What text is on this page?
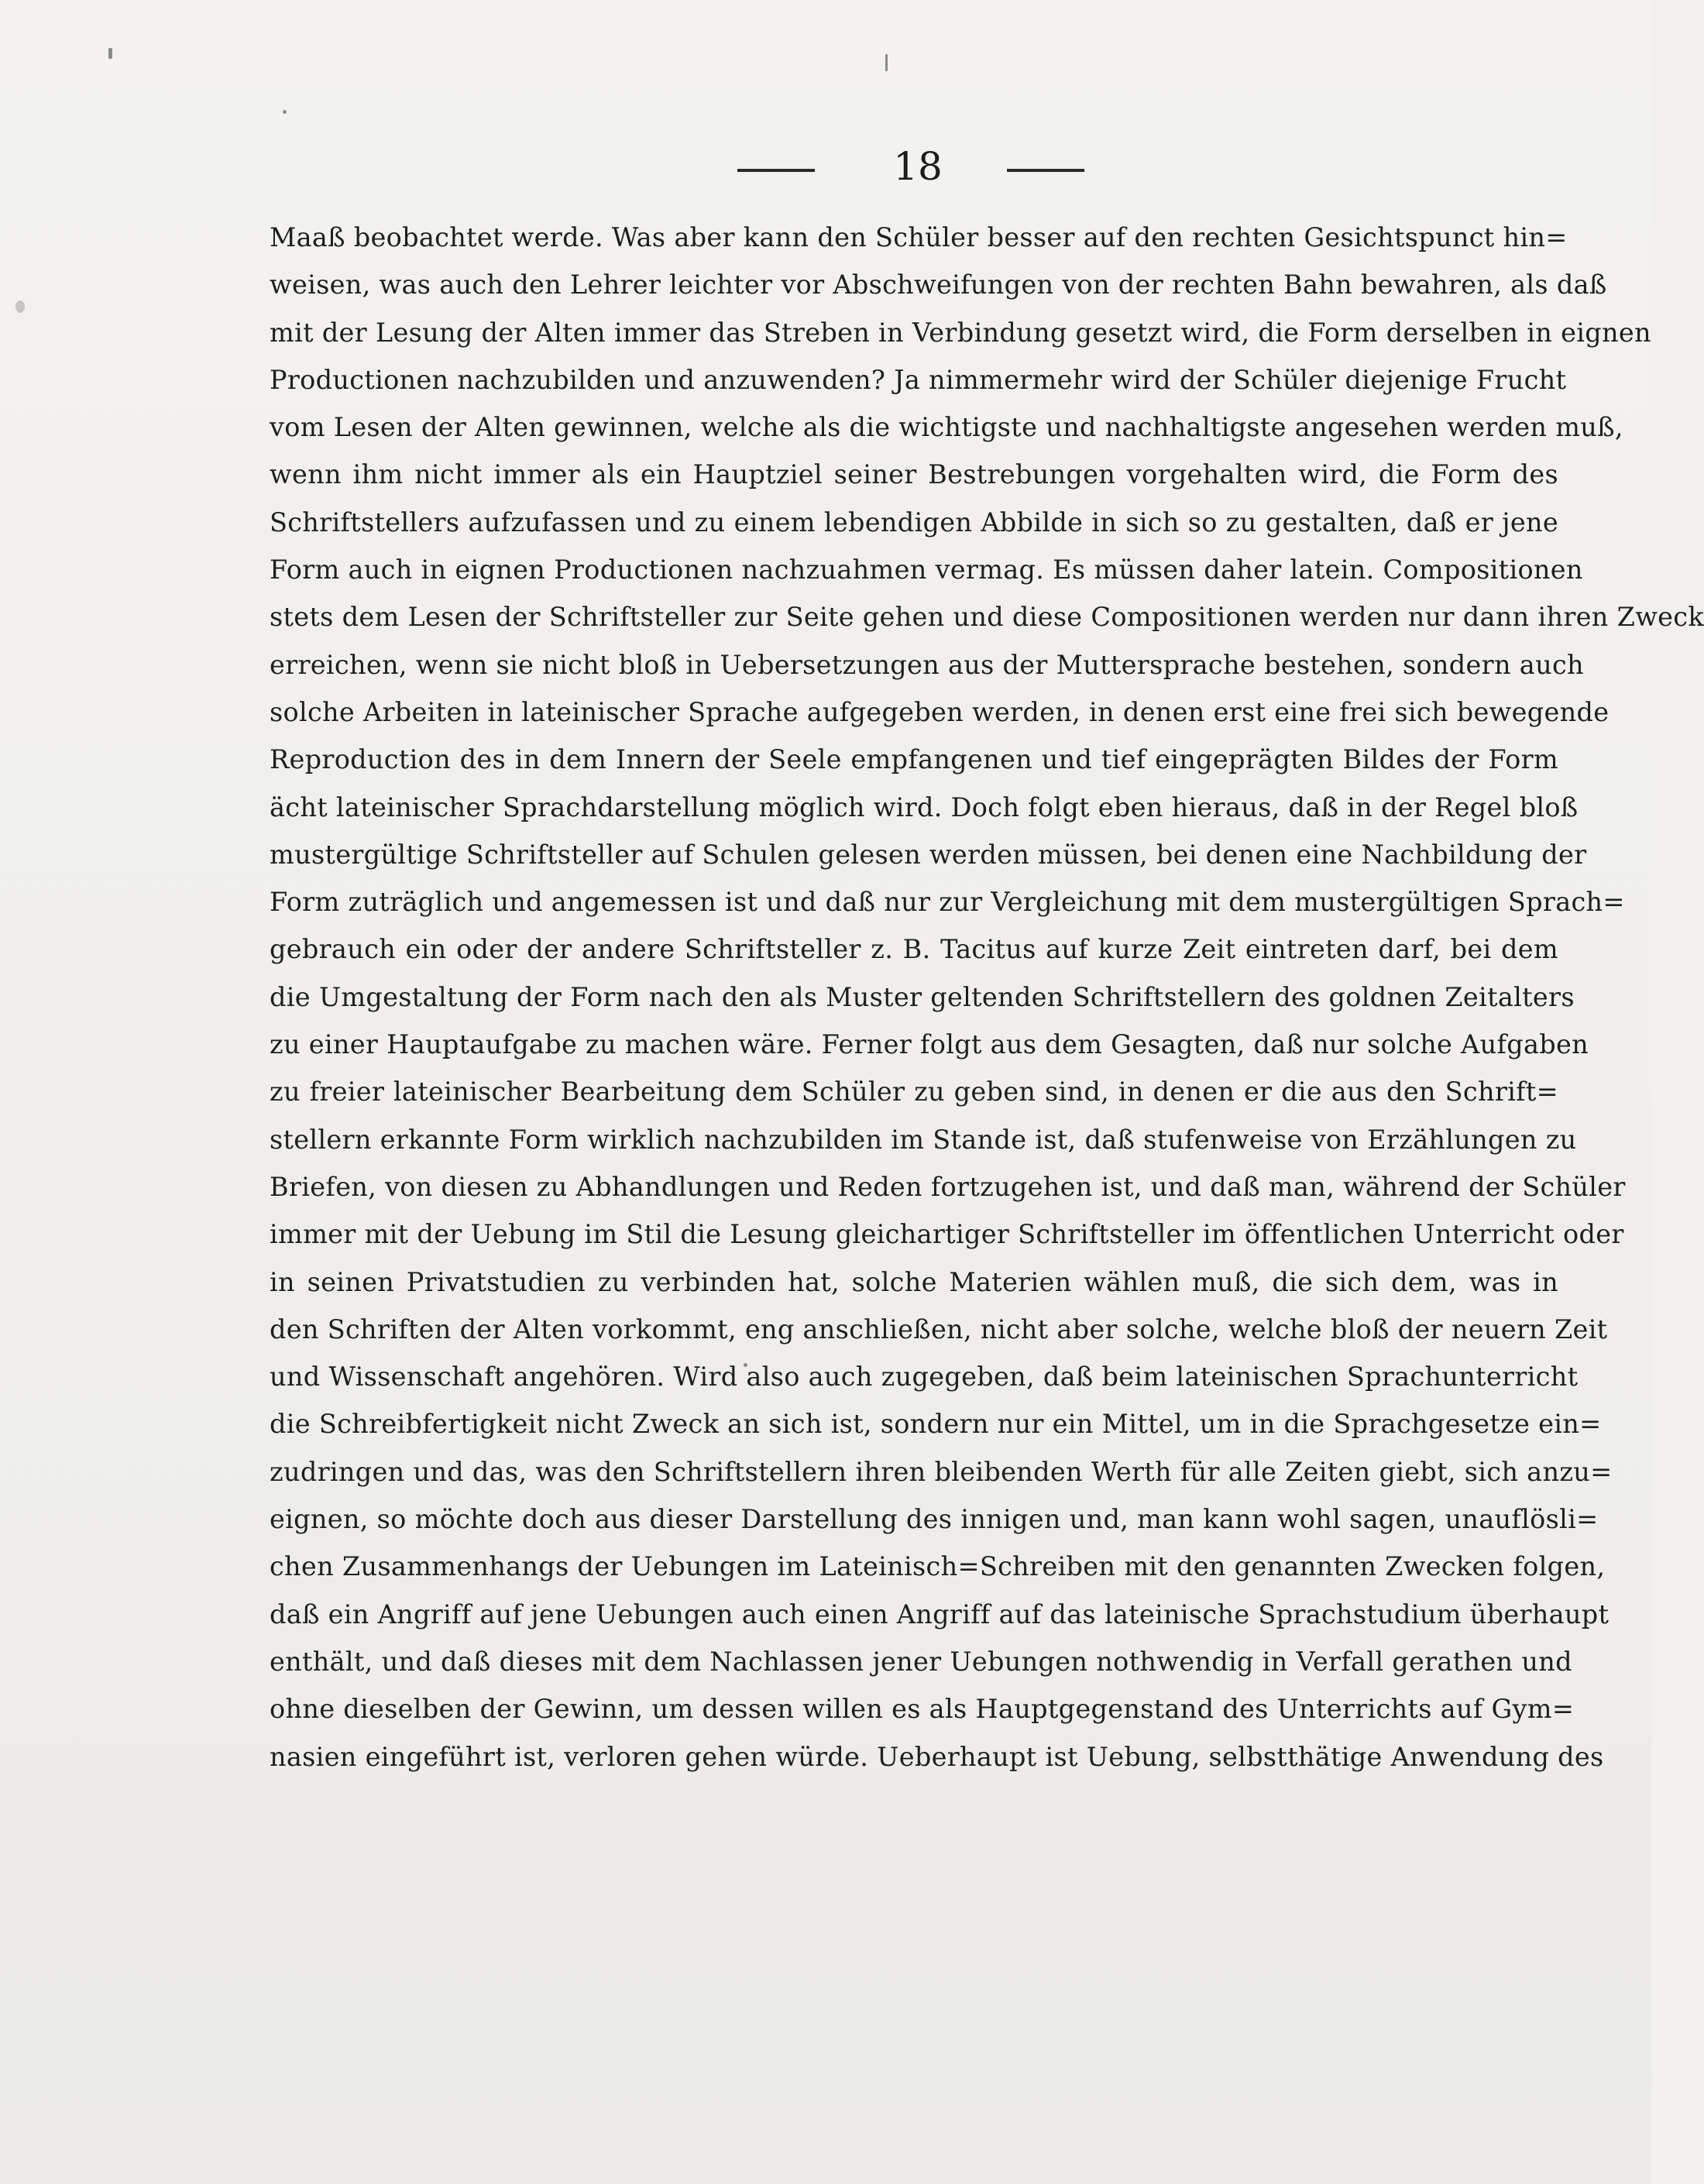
18
Maaß beobachtet werde. Was aber kann den Schüler besser auf den rechten Gesichtspunct hin=
weisen, was auch den Lehrer leichter vor Abschweifungen von der rechten Bahn bewahren, als daß
mit der Lesung der Alten immer das Streben in Verbindung gesetzt wird, die Form derselben in eignen
Productionen nachzubilden und anzuwenden? Ja nimmermehr wird der Schüler diejenige Frucht
vom Lesen der Alten gewinnen, welche als die wichtigste und nachhaltigste angesehen werden muß,
wenn ihm nicht immer als ein Hauptziel seiner Bestrebungen vorgehalten wird, die Form des
Schriftstellers aufzufassen und zu einem lebendigen Abbilde in sich so zu gestalten, daß er jene
Form auch in eignen Productionen nachzuahmen vermag. Es müssen daher latein. Compositionen
stets dem Lesen der Schriftsteller zur Seite gehen und diese Compositionen werden nur dann ihren Zweck
erreichen, wenn sie nicht bloß in Uebersetzungen aus der Muttersprache bestehen, sondern auch
solche Arbeiten in lateinischer Sprache aufgegeben werden, in denen erst eine frei sich bewegende
Reproduction des in dem Innern der Seele empfangenen und tief eingeprägten Bildes der Form
ächt lateinischer Sprachdarstellung möglich wird. Doch folgt eben hieraus, daß in der Regel bloß
mustergültige Schriftsteller auf Schulen gelesen werden müssen, bei denen eine Nachbildung der
Form zuträglich und angemessen ist und daß nur zur Vergleichung mit dem mustergültigen Sprach=
gebrauch ein oder der andere Schriftsteller z. B. Tacitus auf kurze Zeit eintreten darf, bei dem
die Umgestaltung der Form nach den als Muster geltenden Schriftstellern des goldnen Zeitalters
zu einer Hauptaufgabe zu machen wäre. Ferner folgt aus dem Gesagten, daß nur solche Aufgaben
zu freier lateinischer Bearbeitung dem Schüler zu geben sind, in denen er die aus den Schrift=
stellern erkannte Form wirklich nachzubilden im Stande ist, daß stufenweise von Erzählungen zu
Briefen, von diesen zu Abhandlungen und Reden fortzugehen ist, und daß man, während der Schüler
immer mit der Uebung im Stil die Lesung gleichartiger Schriftsteller im öffentlichen Unterricht oder
in seinen Privatstudien zu verbinden hat, solche Materien wählen muß, die sich dem, was in
den Schriften der Alten vorkommt, eng anschließen, nicht aber solche, welche bloß der neuern Zeit
und Wissenschaft angehören. Wird also auch zugegeben, daß beim lateinischen Sprachunterricht
die Schreibfertigkeit nicht Zweck an sich ist, sondern nur ein Mittel, um in die Sprachgesetze ein=
zudringen und das, was den Schriftstellern ihren bleibenden Werth für alle Zeiten giebt, sich anzu=
eignen, so möchte doch aus dieser Darstellung des innigen und, man kann wohl sagen, unauflösli=
chen Zusammenhangs der Uebungen im Lateinisch=Schreiben mit den genannten Zwecken folgen,
daß ein Angriff auf jene Uebungen auch einen Angriff auf das lateinische Sprachstudium überhaupt
enthält, und daß dieses mit dem Nachlassen jener Uebungen nothwendig in Verfall gerathen und
ohne dieselben der Gewinn, um dessen willen es als Hauptgegenstand des Unterrichts auf Gym=
nasien eingeführt ist, verloren gehen würde. Ueberhaupt ist Uebung, selbstthätige Anwendung des
